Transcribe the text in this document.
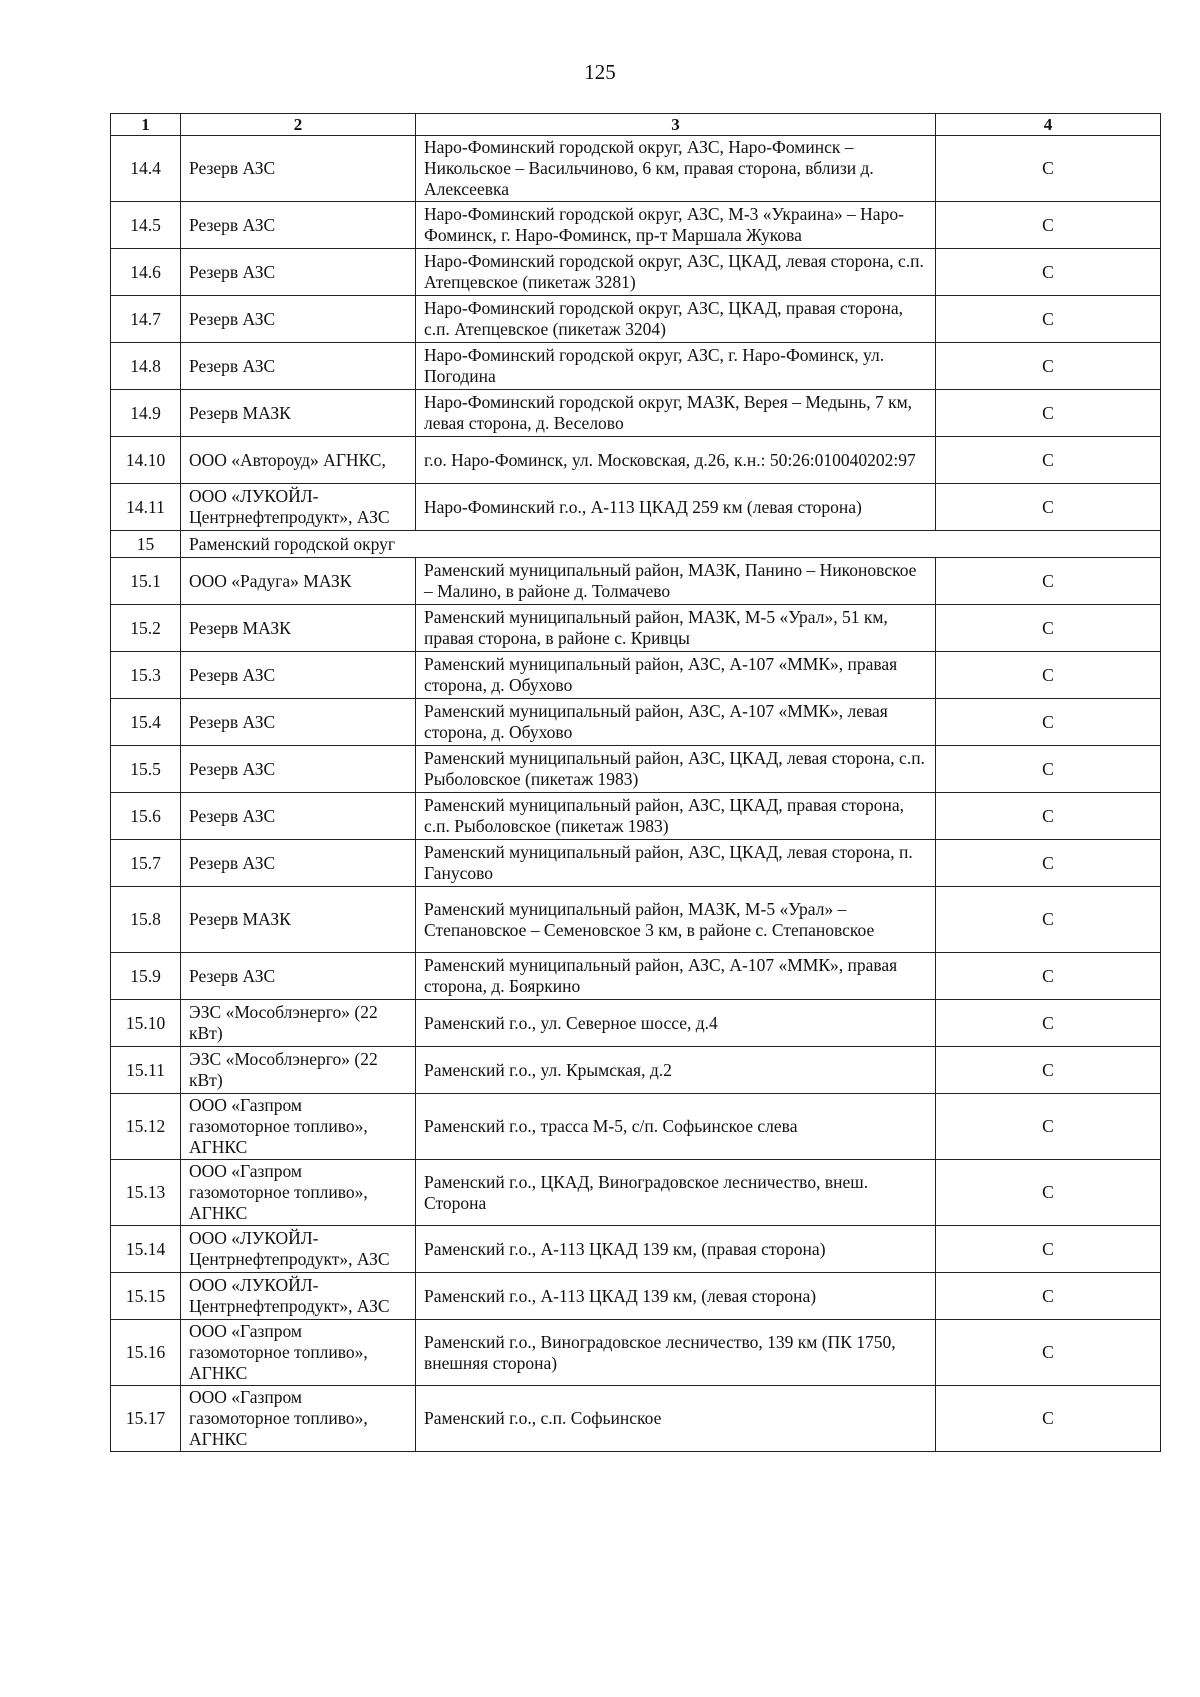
125
1	2	3	4
14.4	Резерв АЗС	Наро-Фоминский городской округ, АЗС, Наро-Фоминск – Никольское – Васильчиново, 6 км, правая сторона, вблизи д. Алексеевка	С
14.5	Резерв АЗС	Наро-Фоминский городской округ, АЗС, М-3 «Украина» – Наро-Фоминск, г. Наро-Фоминск, пр-т Маршала Жукова	С
14.6	Резерв АЗС	Наро-Фоминский городской округ, АЗС, ЦКАД, левая сторона, с.п. Атепцевское (пикетаж 3281)	С
14.7	Резерв АЗС	Наро-Фоминский городской округ, АЗС, ЦКАД, правая сторона, с.п. Атепцевское (пикетаж 3204)	С
14.8	Резерв АЗС	Наро-Фоминский городской округ, АЗС, г. Наро-Фоминск, ул. Погодина	С
14.9	Резерв МАЗК	Наро-Фоминский городской округ, МАЗК, Верея – Медынь, 7 км, левая сторона, д. Веселово	С
14.10	ООО «Автороуд» АГНКС,	г.о. Наро-Фоминск, ул. Московская, д.26, к.н.: 50:26:010040202:97	С
14.11	ООО «ЛУКОЙЛ-Центрнефтепродукт», АЗС	Наро-Фоминский г.о., А-113 ЦКАД 259 км (левая сторона)	С
15	Раменский городской округ		
15.1	ООО «Радуга» МАЗК	Раменский муниципальный район, МАЗК, Панино – Никоновское – Малино, в районе д. Толмачево	С
15.2	Резерв МАЗК	Раменский муниципальный район, МАЗК, М-5 «Урал», 51 км, правая сторона, в районе с. Кривцы	С
15.3	Резерв АЗС	Раменский муниципальный район, АЗС, А-107 «ММК», правая сторона, д. Обухово	С
15.4	Резерв АЗС	Раменский муниципальный район, АЗС, А-107 «ММК», левая сторона, д. Обухово	С
15.5	Резерв АЗС	Раменский муниципальный район, АЗС, ЦКАД, левая сторона, с.п. Рыболовское (пикетаж 1983)	С
15.6	Резерв АЗС	Раменский муниципальный район, АЗС, ЦКАД, правая сторона, с.п. Рыболовское (пикетаж 1983)	С
15.7	Резерв АЗС	Раменский муниципальный район, АЗС, ЦКАД, левая сторона, п. Ганусово	С
15.8	Резерв МАЗК	Раменский муниципальный район, МАЗК, М-5 «Урал» – Степановское – Семеновское 3 км, в районе с. Степановское	С
15.9	Резерв АЗС	Раменский муниципальный район, АЗС, А-107 «ММК», правая сторона, д. Бояркино	С
15.10	ЭЗС «Мособлэнерго» (22 кВт)	Раменский г.о., ул. Северное шоссе, д.4	С
15.11	ЭЗС «Мособлэнерго» (22 кВт)	Раменский г.о., ул. Крымская, д.2	С
15.12	ООО «Газпром газомоторное топливо», АГНКС	Раменский г.о., трасса М-5, с/п. Софьинское слева	С
15.13	ООО «Газпром газомоторное топливо», АГНКС	Раменский г.о., ЦКАД, Виноградовское лесничество, внеш. Сторона	С
15.14	ООО «ЛУКОЙЛ-Центрнефтепродукт», АЗС	Раменский г.о., А-113 ЦКАД 139 км, (правая сторона)	С
15.15	ООО «ЛУКОЙЛ-Центрнефтепродукт», АЗС	Раменский г.о., А-113 ЦКАД 139 км, (левая сторона)	С
15.16	ООО «Газпром газомоторное топливо», АГНКС	Раменский г.о., Виноградовское лесничество, 139 км (ПК 1750, внешняя сторона)	С
15.17	ООО «Газпром газомоторное топливо», АГНКС	Раменский г.о., с.п. Софьинское	С
